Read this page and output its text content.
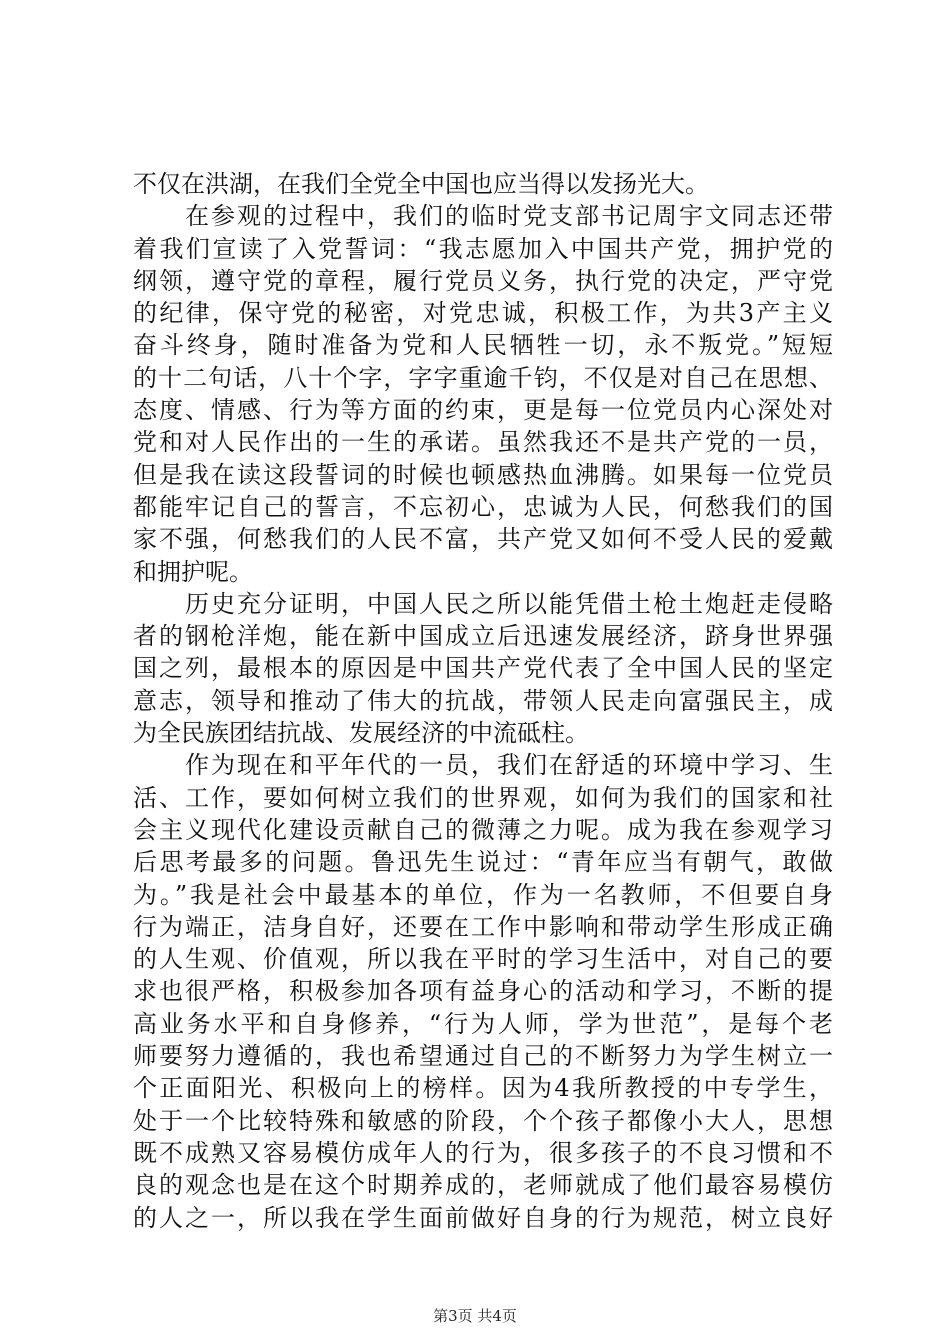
不仅在洪湖，在我们全党全中国也应当得以发扬光大。
　　在参观的过程中，我们的临时党支部书记周宇文同志还带
着我们宣读了入党誓词：“我志愿加入中国共产党，拥护党的
纲领，遵守党的章程，履行党员义务，执行党的决定，严守党
的纪律，保守党的秘密，对党忠诚，积极工作，为共3产主义
奋斗终身，随时准备为党和人民牺牲一切，永不叛党。”短短
的十二句话，八十个字，字字重逾千钧，不仅是对自己在思想、
态度、情感、行为等方面的约束，更是每一位党员内心深处对
党和对人民作出的一生的承诺。虽然我还不是共产党的一员，
但是我在读这段誓词的时候也顿感热血沸腾。如果每一位党员
都能牢记自己的誓言，不忘初心，忠诚为人民，何愁我们的国
家不强，何愁我们的人民不富，共产党又如何不受人民的爱戴
和拥护呢。
　　历史充分证明，中国人民之所以能凭借土枪土炮赶走侵略
者的钢枪洋炮，能在新中国成立后迅速发展经济，跻身世界强
国之列，最根本的原因是中国共产党代表了全中国人民的坚定
意志，领导和推动了伟大的抗战，带领人民走向富强民主，成
为全民族团结抗战、发展经济的中流砥柱。
　　作为现在和平年代的一员，我们在舒适的环境中学习、生
活、工作，要如何树立我们的世界观，如何为我们的国家和社
会主义现代化建设贡献自己的微薄之力呢。成为我在参观学习
后思考最多的问题。鲁迅先生说过：“青年应当有朝气，敢做
为。”我是社会中最基本的单位，作为一名教师，不但要自身
行为端正，洁身自好，还要在工作中影响和带动学生形成正确
的人生观、价值观，所以我在平时的学习生活中，对自己的要
求也很严格，积极参加各项有益身心的活动和学习，不断的提
高业务水平和自身修养，“行为人师，学为世范”，是每个老
师要努力遵循的，我也希望通过自己的不断努力为学生树立一
个正面阳光、积极向上的榜样。因为4我所教授的中专学生，
处于一个比较特殊和敏感的阶段，个个孩子都像小大人，思想
既不成熟又容易模仿成年人的行为，很多孩子的不良习惯和不
良的观念也是在这个时期养成的，老师就成了他们最容易模仿
的人之一，所以我在学生面前做好自身的行为规范，树立良好
第3页 共4页
